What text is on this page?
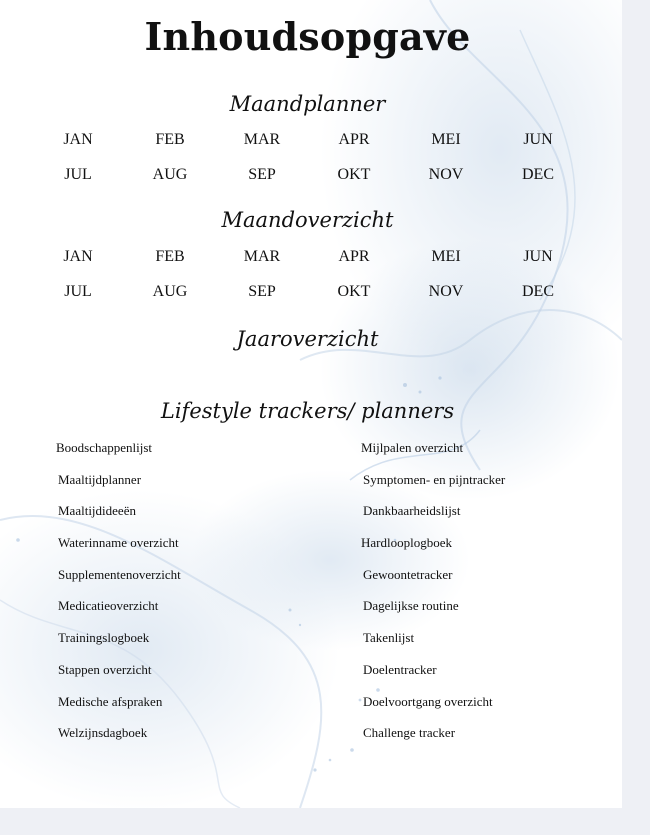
Inhoudsopgave
Maandplanner
JAN	FEB	MAR	APR	MEI	JUN
JUL	AUG	SEP	OKT	NOV	DEC
Maandoverzicht
JAN	FEB	MAR	APR	MEI	JUN
JUL	AUG	SEP	OKT	NOV	DEC
Jaaroverzicht
Lifestyle trackers/ planners
Boodschappenlijst
Maaltijdplanner
Maaltijdideeën
Waterinname overzicht
Supplementenoverzicht
Medicatieoverzicht
Trainingslogboek
Stappen overzicht
Medische afspraken
Welzijnsdagboek
Mijlpalen overzicht
Symptomen- en pijntracker
Dankbaarheidslijst
Hardlooplogboek
Gewoontetracker
Dagelijkse routine
Takenlijst
Doelentracker
Doelvoortgang overzicht
Challenge tracker
